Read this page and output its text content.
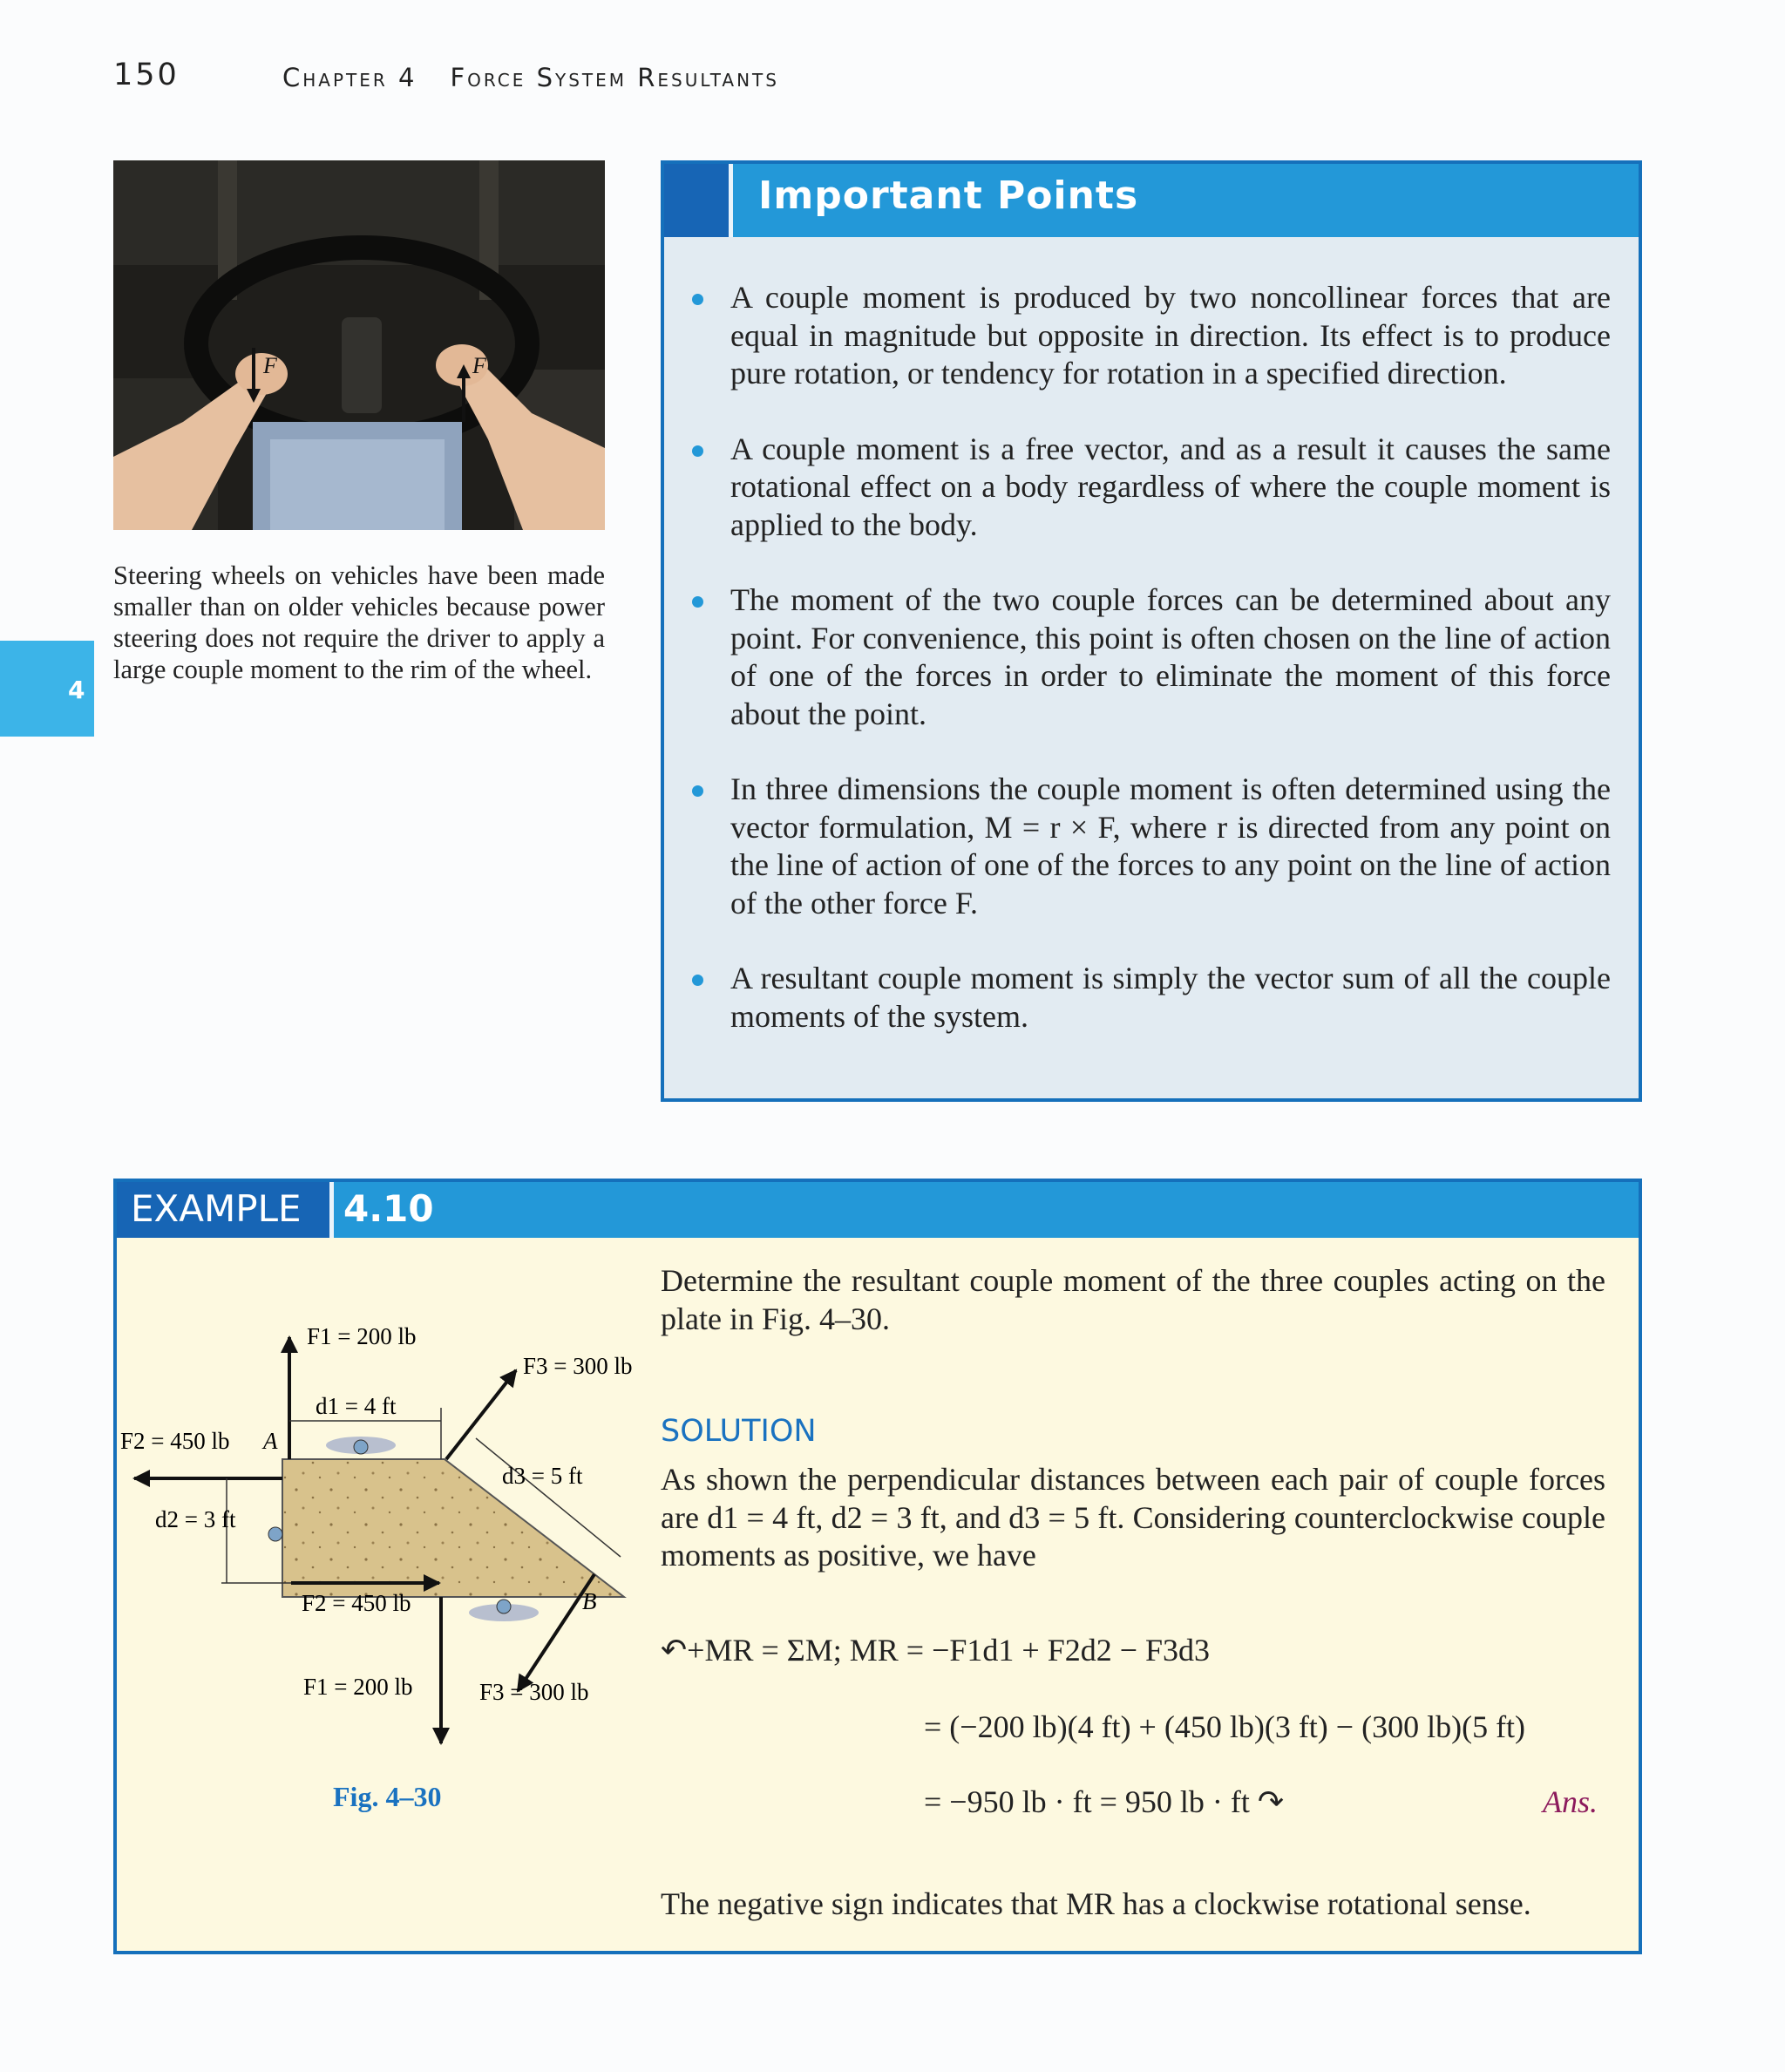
150	Chapter 4 Force System Resultants
4
F	F
Steering wheels on vehicles have been made smaller than on older vehicles because power steering does not require the driver to apply a large couple moment to the rim of the wheel.
Important Points
A couple moment is produced by two noncollinear forces that are equal in magnitude but opposite in direction. Its effect is to produce pure rotation, or tendency for rotation in a specified direction.
A couple moment is a free vector, and as a result it causes the same rotational effect on a body regardless of where the couple moment is applied to the body.
The moment of the two couple forces can be determined about any point. For convenience, this point is often chosen on the line of action of one of the forces in order to eliminate the moment of this force about the point.
In three dimensions the couple moment is often determined using the vector formulation, M = r × F, where r is directed from any point on the line of action of one of the forces to any point on the line of action of the other force F.
A resultant couple moment is simply the vector sum of all the couple moments of the system.
EXAMPLE 4.10
F1 = 200 lb
F3 = 300 lb
d1 = 4 ft
F2 = 450 lb A
d3 = 5 ft
d2 = 3 ft
F2 = 450 lb	B
F1 = 200 lb	F3 = 300 lb
Fig. 4–30
Determine the resultant couple moment of the three couples acting on the plate in Fig. 4–30.
SOLUTION
As shown the perpendicular distances between each pair of couple forces are d1 = 4 ft, d2 = 3 ft, and d3 = 5 ft. Considering counterclockwise couple moments as positive, we have
↶+MR = ΣM; MR = −F1d1 + F2d2 − F3d3
= (−200 lb)(4 ft) + (450 lb)(3 ft) − (300 lb)(5 ft)
= −950 lb · ft = 950 lb · ft ↷	Ans.
The negative sign indicates that MR has a clockwise rotational sense.
